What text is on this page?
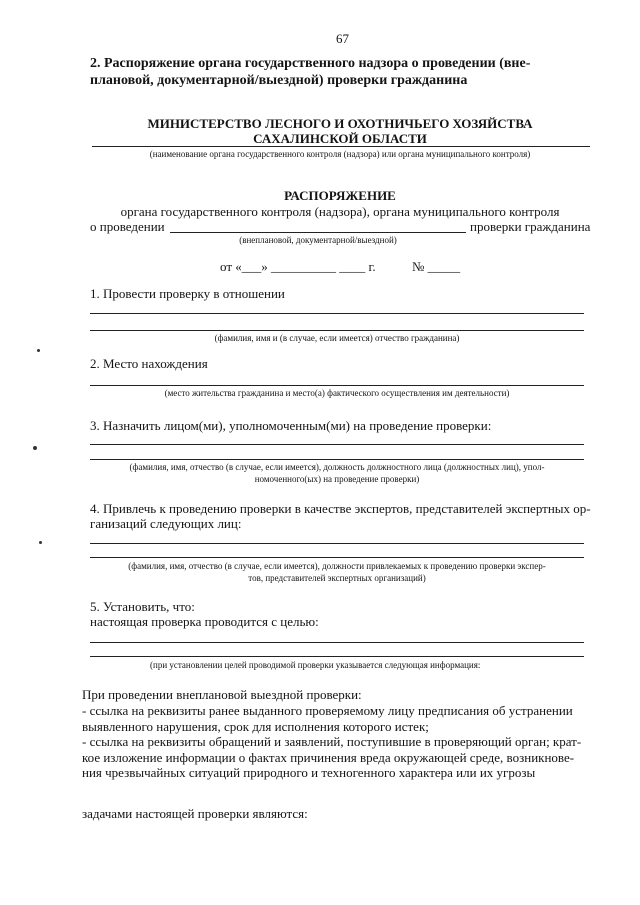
67
2. Распоряжение органа государственного надзора о проведении (вне-
плановой, документарной/выездной) проверки гражданина
МИНИСТЕРСТВО ЛЕСНОГО И ОХОТНИЧЬЕГО ХОЗЯЙСТВА
САХАЛИНСКОЙ ОБЛАСТИ
(наименование органа государственного контроля (надзора) или органа муниципального контроля)
РАСПОРЯЖЕНИЕ
органа государственного контроля (надзора), органа муниципального контроля
о проведении	проверки гражданина
(внеплановой, документарной/выездной)
от «___» __________ ____ г.	№ _____
1. Провести проверку в отношении
(фамилия, имя и (в случае, если имеется) отчество гражданина)
2. Место нахождения
(место жительства гражданина и место(а) фактического осуществления им деятельности)
3. Назначить лицом(ми), уполномоченным(ми) на проведение проверки:
(фамилия, имя, отчество (в случае, если имеется), должность должностного лица (должностных лиц), упол-
номоченного(ых) на проведение проверки)
4. Привлечь к проведению проверки в качестве экспертов, представителей экспертных ор-
ганизаций следующих лиц:
(фамилия, имя, отчество (в случае, если имеется), должности привлекаемых к проведению проверки экспер-
тов, представителей экспертных организаций)
5. Установить, что:
настоящая проверка проводится с целью:
(при установлении целей проводимой проверки указывается следующая информация:
При проведении внеплановой выездной проверки:
- ссылка на реквизиты ранее выданного проверяемому лицу предписания об устранении
выявленного нарушения, срок для исполнения которого истек;
- ссылка на реквизиты обращений и заявлений, поступившие в проверяющий орган; крат-
кое изложение информации о фактах причинения вреда окружающей среде, возникнове-
ния чрезвычайных ситуаций природного и техногенного характера или их угрозы
задачами настоящей проверки являются:
